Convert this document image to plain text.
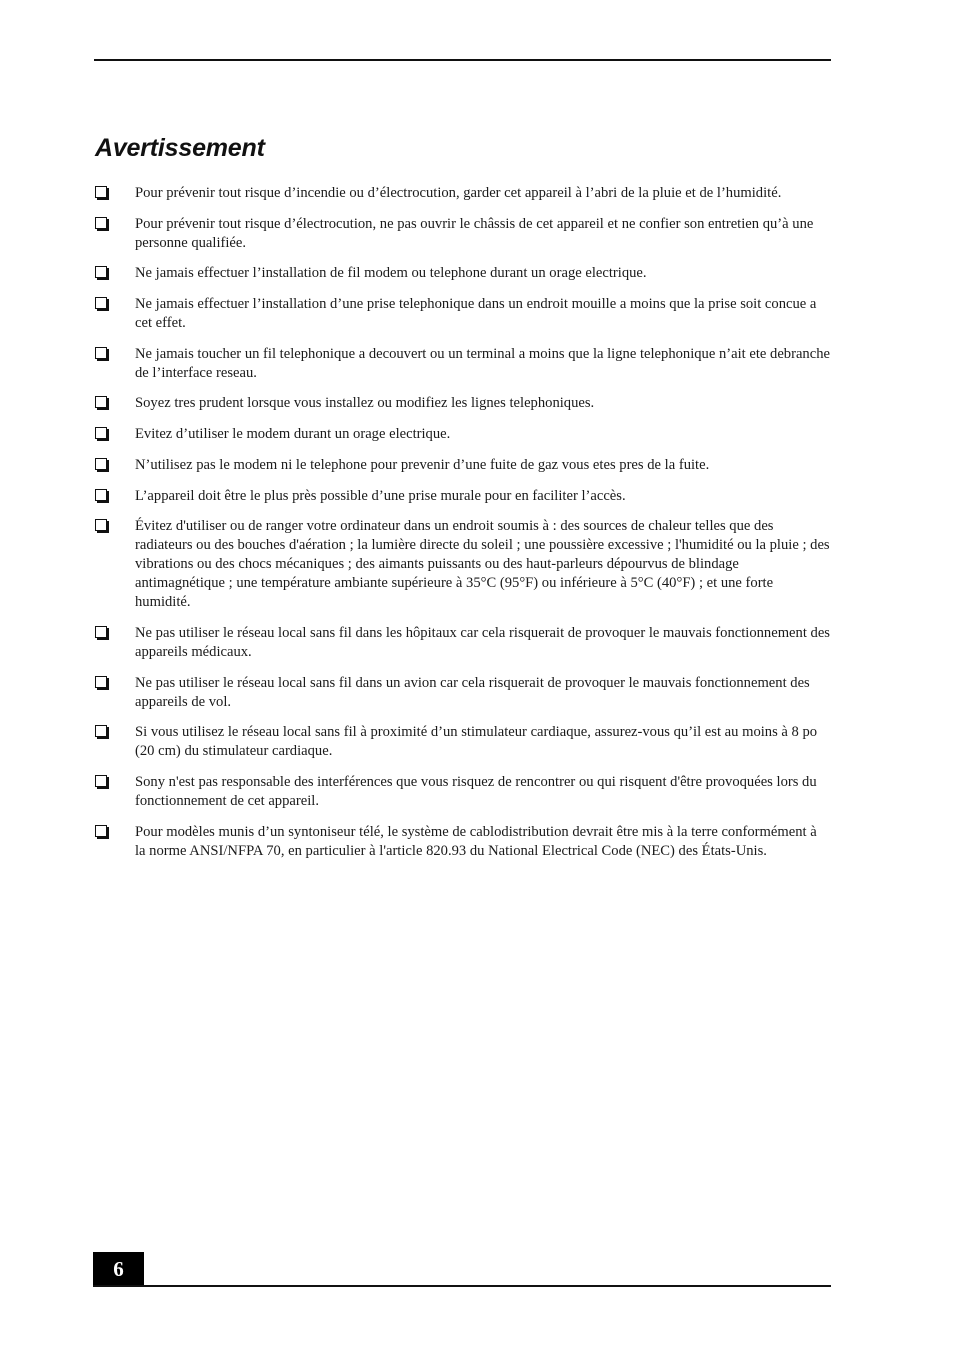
Avertissement
Pour prévenir tout risque d’incendie ou d’électrocution, garder cet appareil à l’abri de la pluie et de l’humidité.
Pour prévenir tout risque d’électrocution, ne pas ouvrir le châssis de cet appareil et ne confier son entretien qu’à une personne qualifiée.
Ne jamais effectuer l’installation de fil modem ou telephone durant un orage electrique.
Ne jamais effectuer l’installation d’une prise telephonique dans un endroit mouille a moins que la prise soit concue a cet effet.
Ne jamais toucher un fil telephonique a decouvert ou un terminal a moins que la ligne telephonique n’ait ete debranche de l’interface reseau.
Soyez tres prudent lorsque vous installez ou modifiez les lignes telephoniques.
Evitez d’utiliser le modem durant un orage electrique.
N’utilisez pas le modem ni le telephone pour prevenir d’une fuite de gaz vous etes pres de la fuite.
L’appareil doit être le plus près possible d’une prise murale pour en faciliter l’accès.
Évitez d'utiliser ou de ranger votre ordinateur dans un endroit soumis à : des sources de chaleur telles que des radiateurs ou des bouches d'aération ; la lumière directe du soleil ; une poussière excessive ; l'humidité ou la pluie ; des vibrations ou des chocs mécaniques ; des aimants puissants ou des haut-parleurs dépourvus de blindage antimagnétique ; une température ambiante supérieure à 35°C (95°F) ou inférieure à 5°C (40°F) ; et une forte humidité.
Ne pas utiliser le réseau local sans fil dans les hôpitaux car cela risquerait de provoquer le mauvais fonctionnement des appareils médicaux.
Ne pas utiliser le réseau local sans fil dans un avion car cela risquerait de provoquer le mauvais fonctionnement des appareils de vol.
Si vous utilisez le réseau local sans fil à proximité d’un stimulateur cardiaque, assurez-vous qu’il est au moins à 8 po (20 cm) du stimulateur cardiaque.
Sony n'est pas responsable des interférences que vous risquez de rencontrer ou qui risquent d'être provoquées lors du fonctionnement de cet appareil.
Pour modèles munis d’un syntoniseur télé, le système de cablodistribution devrait être mis à la terre conformément à la norme ANSI/NFPA 70, en particulier à l'article 820.93 du National Electrical Code (NEC) des États-Unis.
6
